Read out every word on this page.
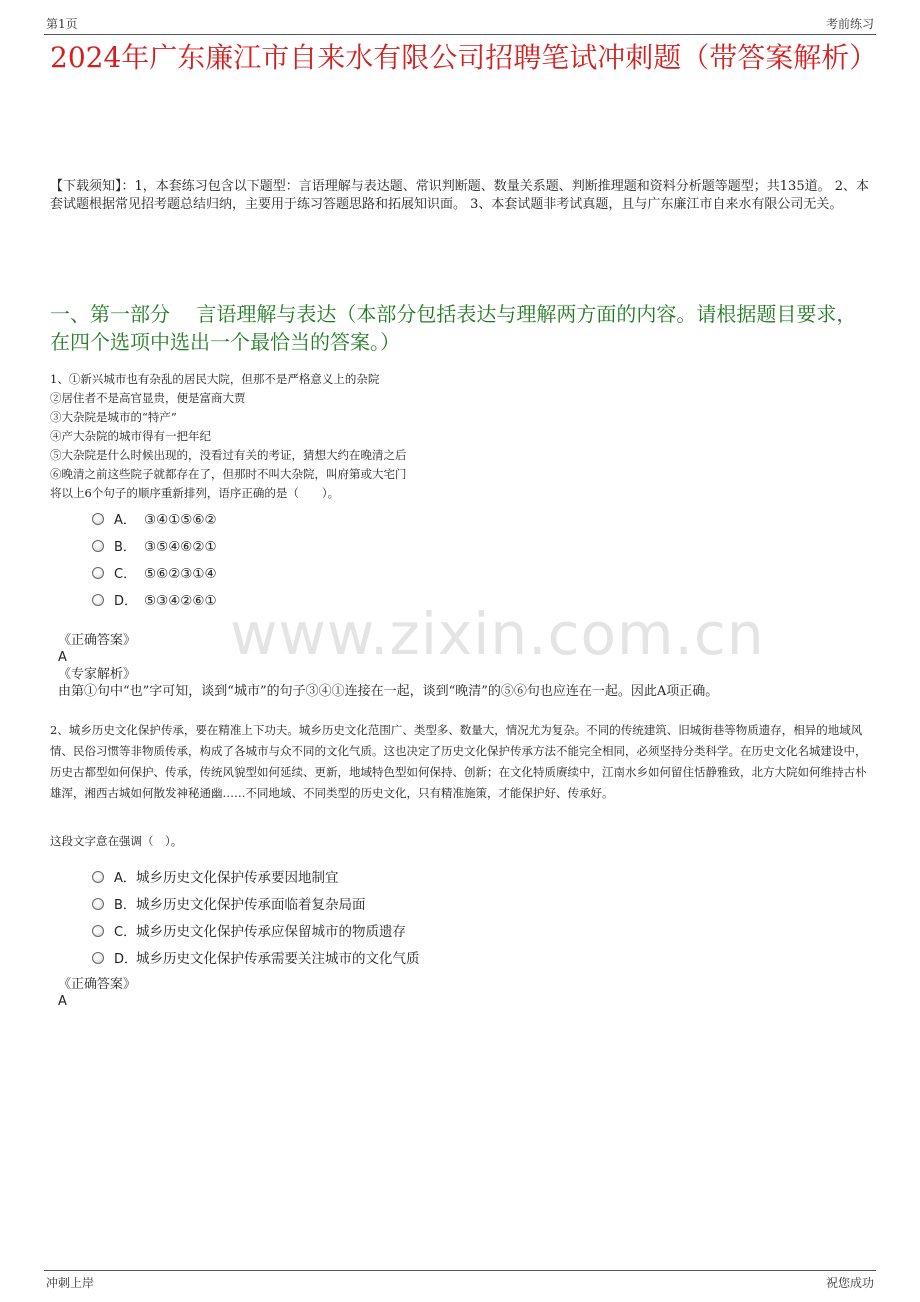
第1页	考前练习
2024年广东廉江市自来水有限公司招聘笔试冲刺题（带答案解析）
【下载须知】：1，本套练习包含以下题型：言语理解与表达题、常识判断题、数量关系题、判断推理题和资料分析题等题型；共135道。 2、本套试题根据常见招考题总结归纳，主要用于练习答题思路和拓展知识面。 3、本套试题非考试真题，且与广东廉江市自来水有限公司无关。
一、第一部分　 言语理解与表达（本部分包括表达与理解两方面的内容。请根据题目要求，在四个选项中选出一个最恰当的答案。）
1、①新兴城市也有杂乱的居民大院，但那不是严格意义上的杂院
②居住者不是高官显贵，便是富商大贾
③大杂院是城市的“特产”
④产大杂院的城市得有一把年纪
⑤大杂院是什么时候出现的，没看过有关的考证，猜想大约在晚清之后
⑥晚清之前这些院子就都存在了，但那时不叫大杂院，叫府第或大宅门
将以上6个句子的顺序重新排列，语序正确的是（　　）。
A． ③④①⑤⑥②
B． ③⑤④⑥②①
C． ⑤⑥②③①④
D． ⑤③④②⑥① www.zixin.com.cn
《正确答案》
A
《专家解析》
由第①句中“也”字可知，谈到“城市”的句子③④①连接在一起，谈到“晚清”的⑤⑥句也应连在一起。因此A项正确。
2、城乡历史文化保护传承，要在精准上下功夫。城乡历史文化范围广、类型多、数量大，情况尤为复杂。不同的传统建筑、旧城街巷等物质遗存，相异的地域风情、民俗习惯等非物质传承，构成了各城市与众不同的文化气质。这也决定了历史文化保护传承方法不能完全相同，必须坚持分类科学。在历史文化名城建设中，历史古都型如何保护、传承，传统风貌型如何延续、更新，地域特色型如何保持、创新；在文化特质赓续中，江南水乡如何留住恬静雅致，北方大院如何维持古朴雄浑，湘西古城如何散发神秘通幽……不同地域、不同类型的历史文化，只有精准施策，才能保护好、传承好。
这段文字意在强调（　）。
A．城乡历史文化保护传承要因地制宜
B．城乡历史文化保护传承面临着复杂局面
C．城乡历史文化保护传承应保留城市的物质遗存
D．城乡历史文化保护传承需要关注城市的文化气质
《正确答案》
A
冲刺上岸	祝您成功
